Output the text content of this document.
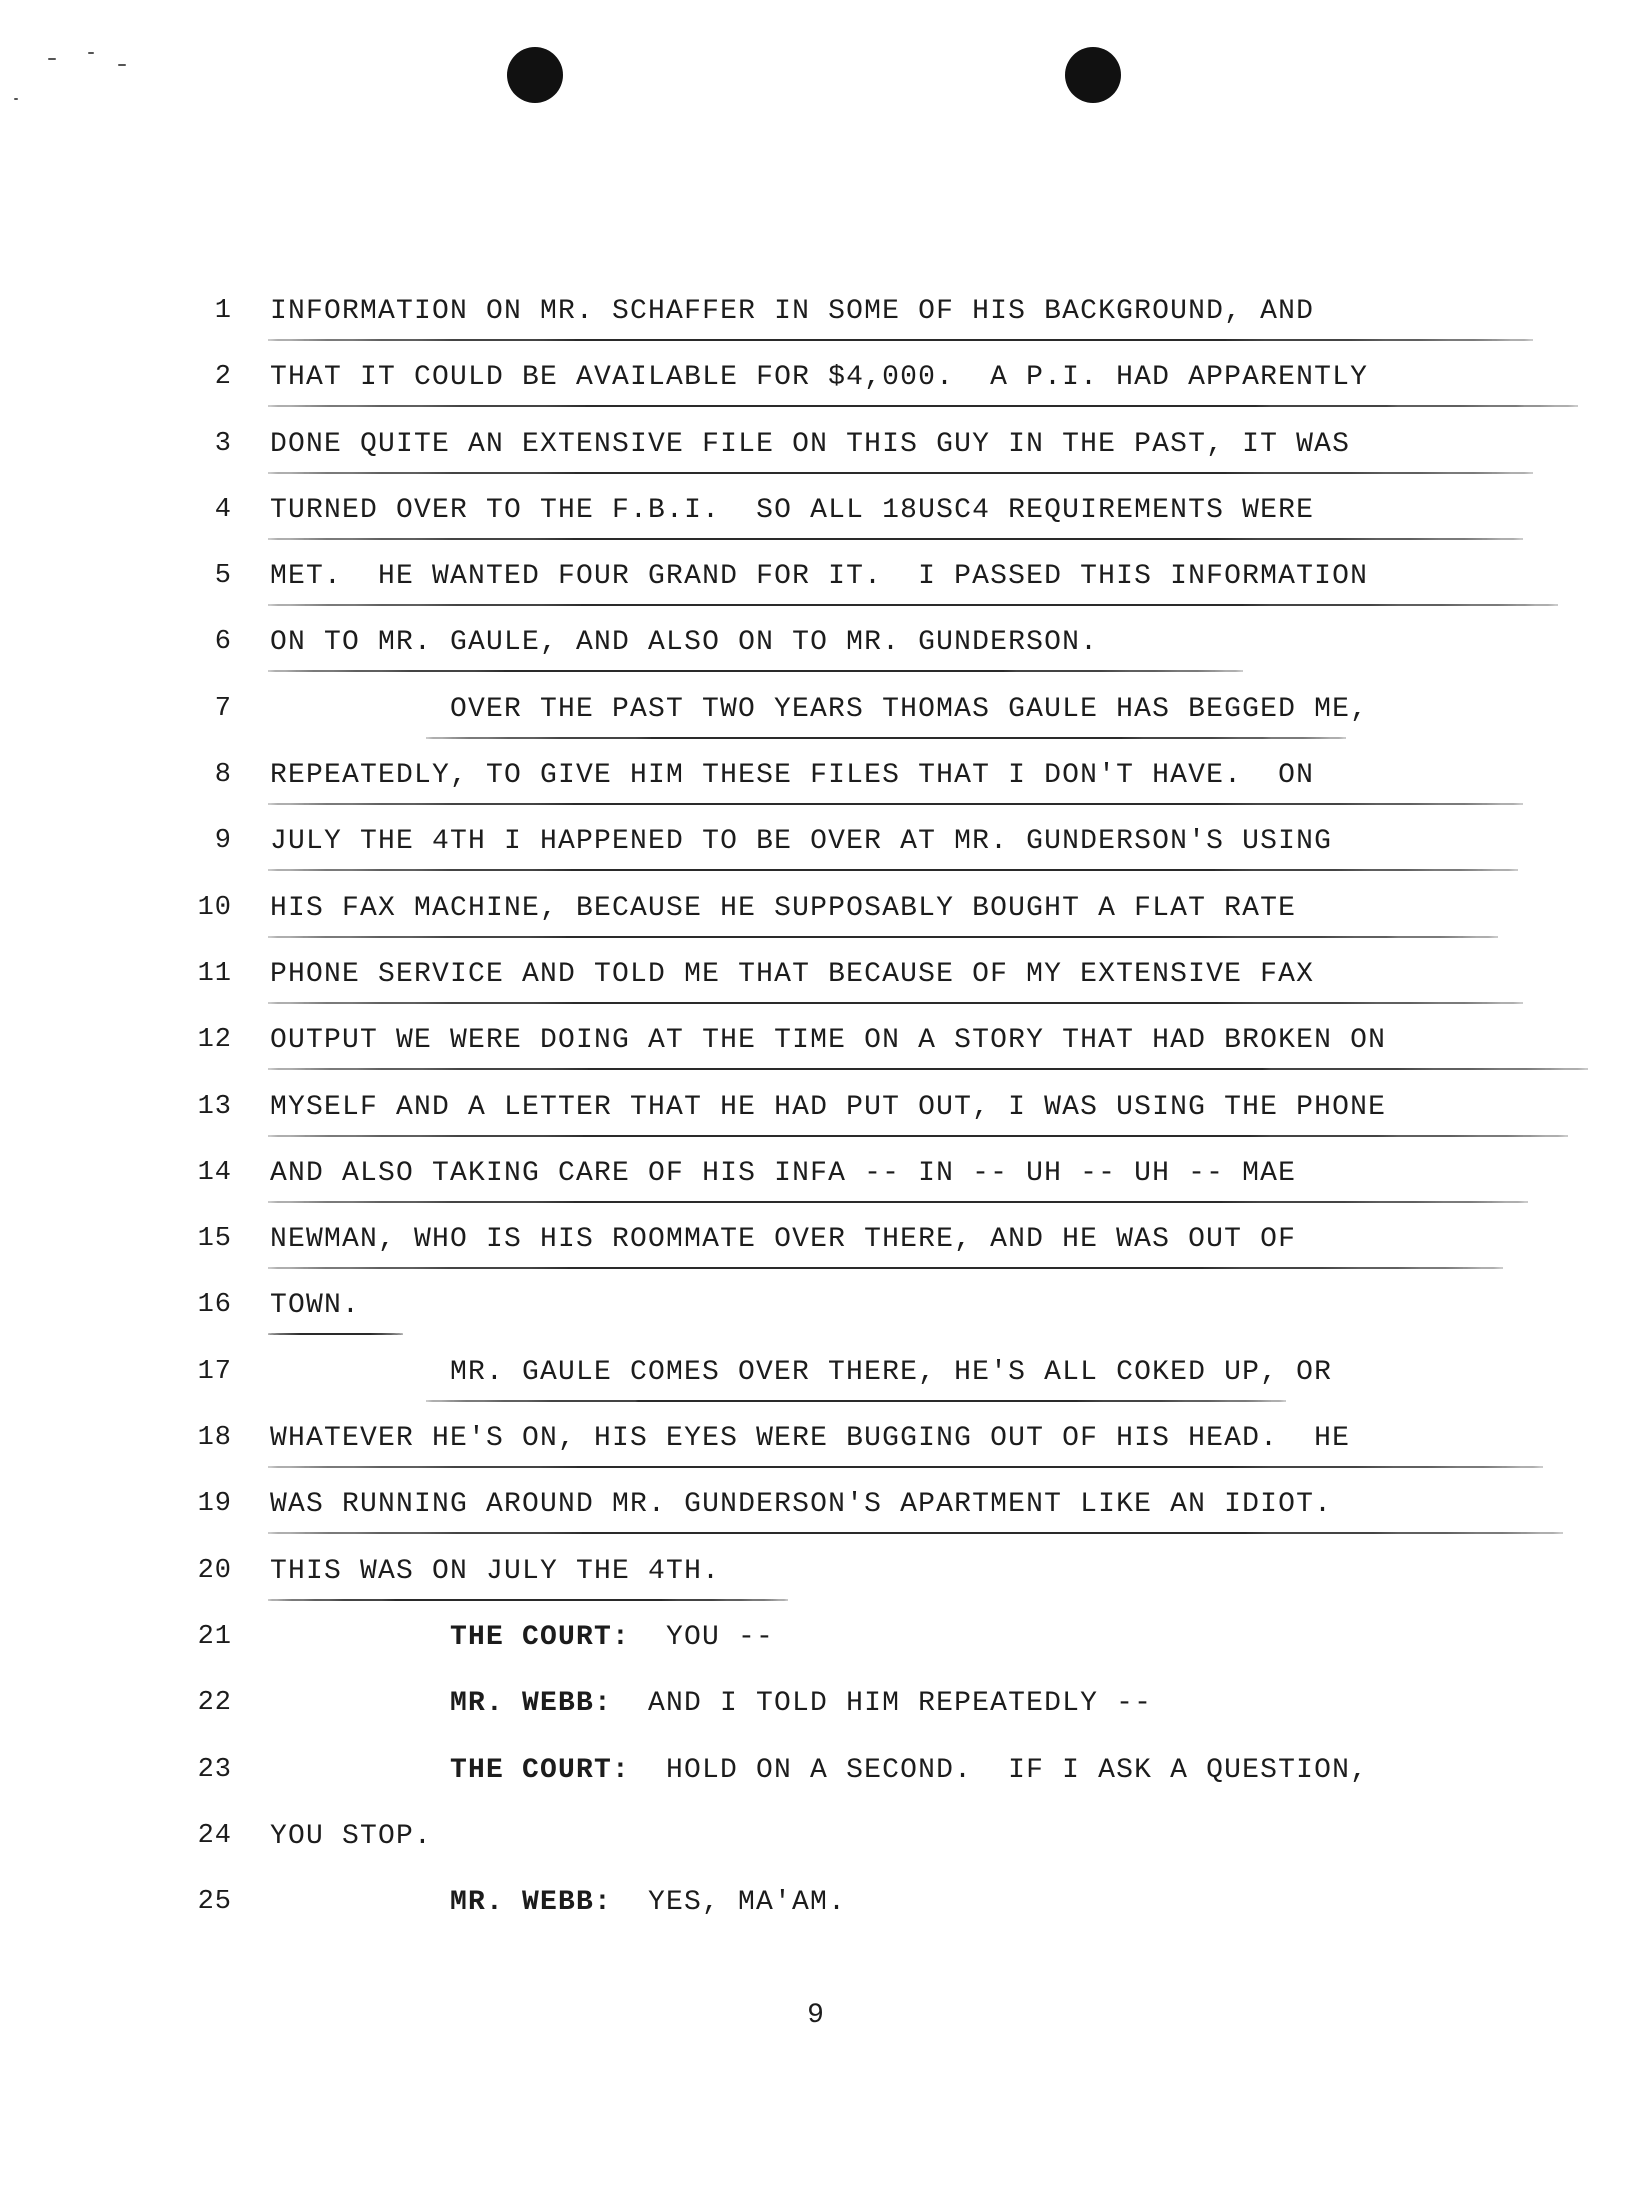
1 INFORMATION ON MR. SCHAFFER IN SOME OF HIS BACKGROUND, AND
2 THAT IT COULD BE AVAILABLE FOR $4,000.  A P.I. HAD APPARENTLY
3 DONE QUITE AN EXTENSIVE FILE ON THIS GUY IN THE PAST, IT WAS
4 TURNED OVER TO THE F.B.I.  SO ALL 18USC4 REQUIREMENTS WERE
5 MET.  HE WANTED FOUR GRAND FOR IT.  I PASSED THIS INFORMATION
6 ON TO MR. GAULE, AND ALSO ON TO MR. GUNDERSON.
7	OVER THE PAST TWO YEARS THOMAS GAULE HAS BEGGED ME,
8 REPEATEDLY, TO GIVE HIM THESE FILES THAT I DON'T HAVE.  ON
9 JULY THE 4TH I HAPPENED TO BE OVER AT MR. GUNDERSON'S USING
10 HIS FAX MACHINE, BECAUSE HE SUPPOSABLY BOUGHT A FLAT RATE
11 PHONE SERVICE AND TOLD ME THAT BECAUSE OF MY EXTENSIVE FAX
12 OUTPUT WE WERE DOING AT THE TIME ON A STORY THAT HAD BROKEN ON
13 MYSELF AND A LETTER THAT HE HAD PUT OUT, I WAS USING THE PHONE
14 AND ALSO TAKING CARE OF HIS INFA -- IN -- UH -- UH -- MAE
15 NEWMAN, WHO IS HIS ROOMMATE OVER THERE, AND HE WAS OUT OF
16 TOWN.
17	MR. GAULE COMES OVER THERE, HE'S ALL COKED UP, OR
18 WHATEVER HE'S ON, HIS EYES WERE BUGGING OUT OF HIS HEAD.  HE
19 WAS RUNNING AROUND MR. GUNDERSON'S APARTMENT LIKE AN IDIOT.
20 THIS WAS ON JULY THE 4TH.
21	THE COURT:  YOU --
22	MR. WEBB:  AND I TOLD HIM REPEATEDLY --
23	THE COURT:  HOLD ON A SECOND.  IF I ASK A QUESTION,
24 YOU STOP.
25	MR. WEBB:  YES, MA'AM.
9
